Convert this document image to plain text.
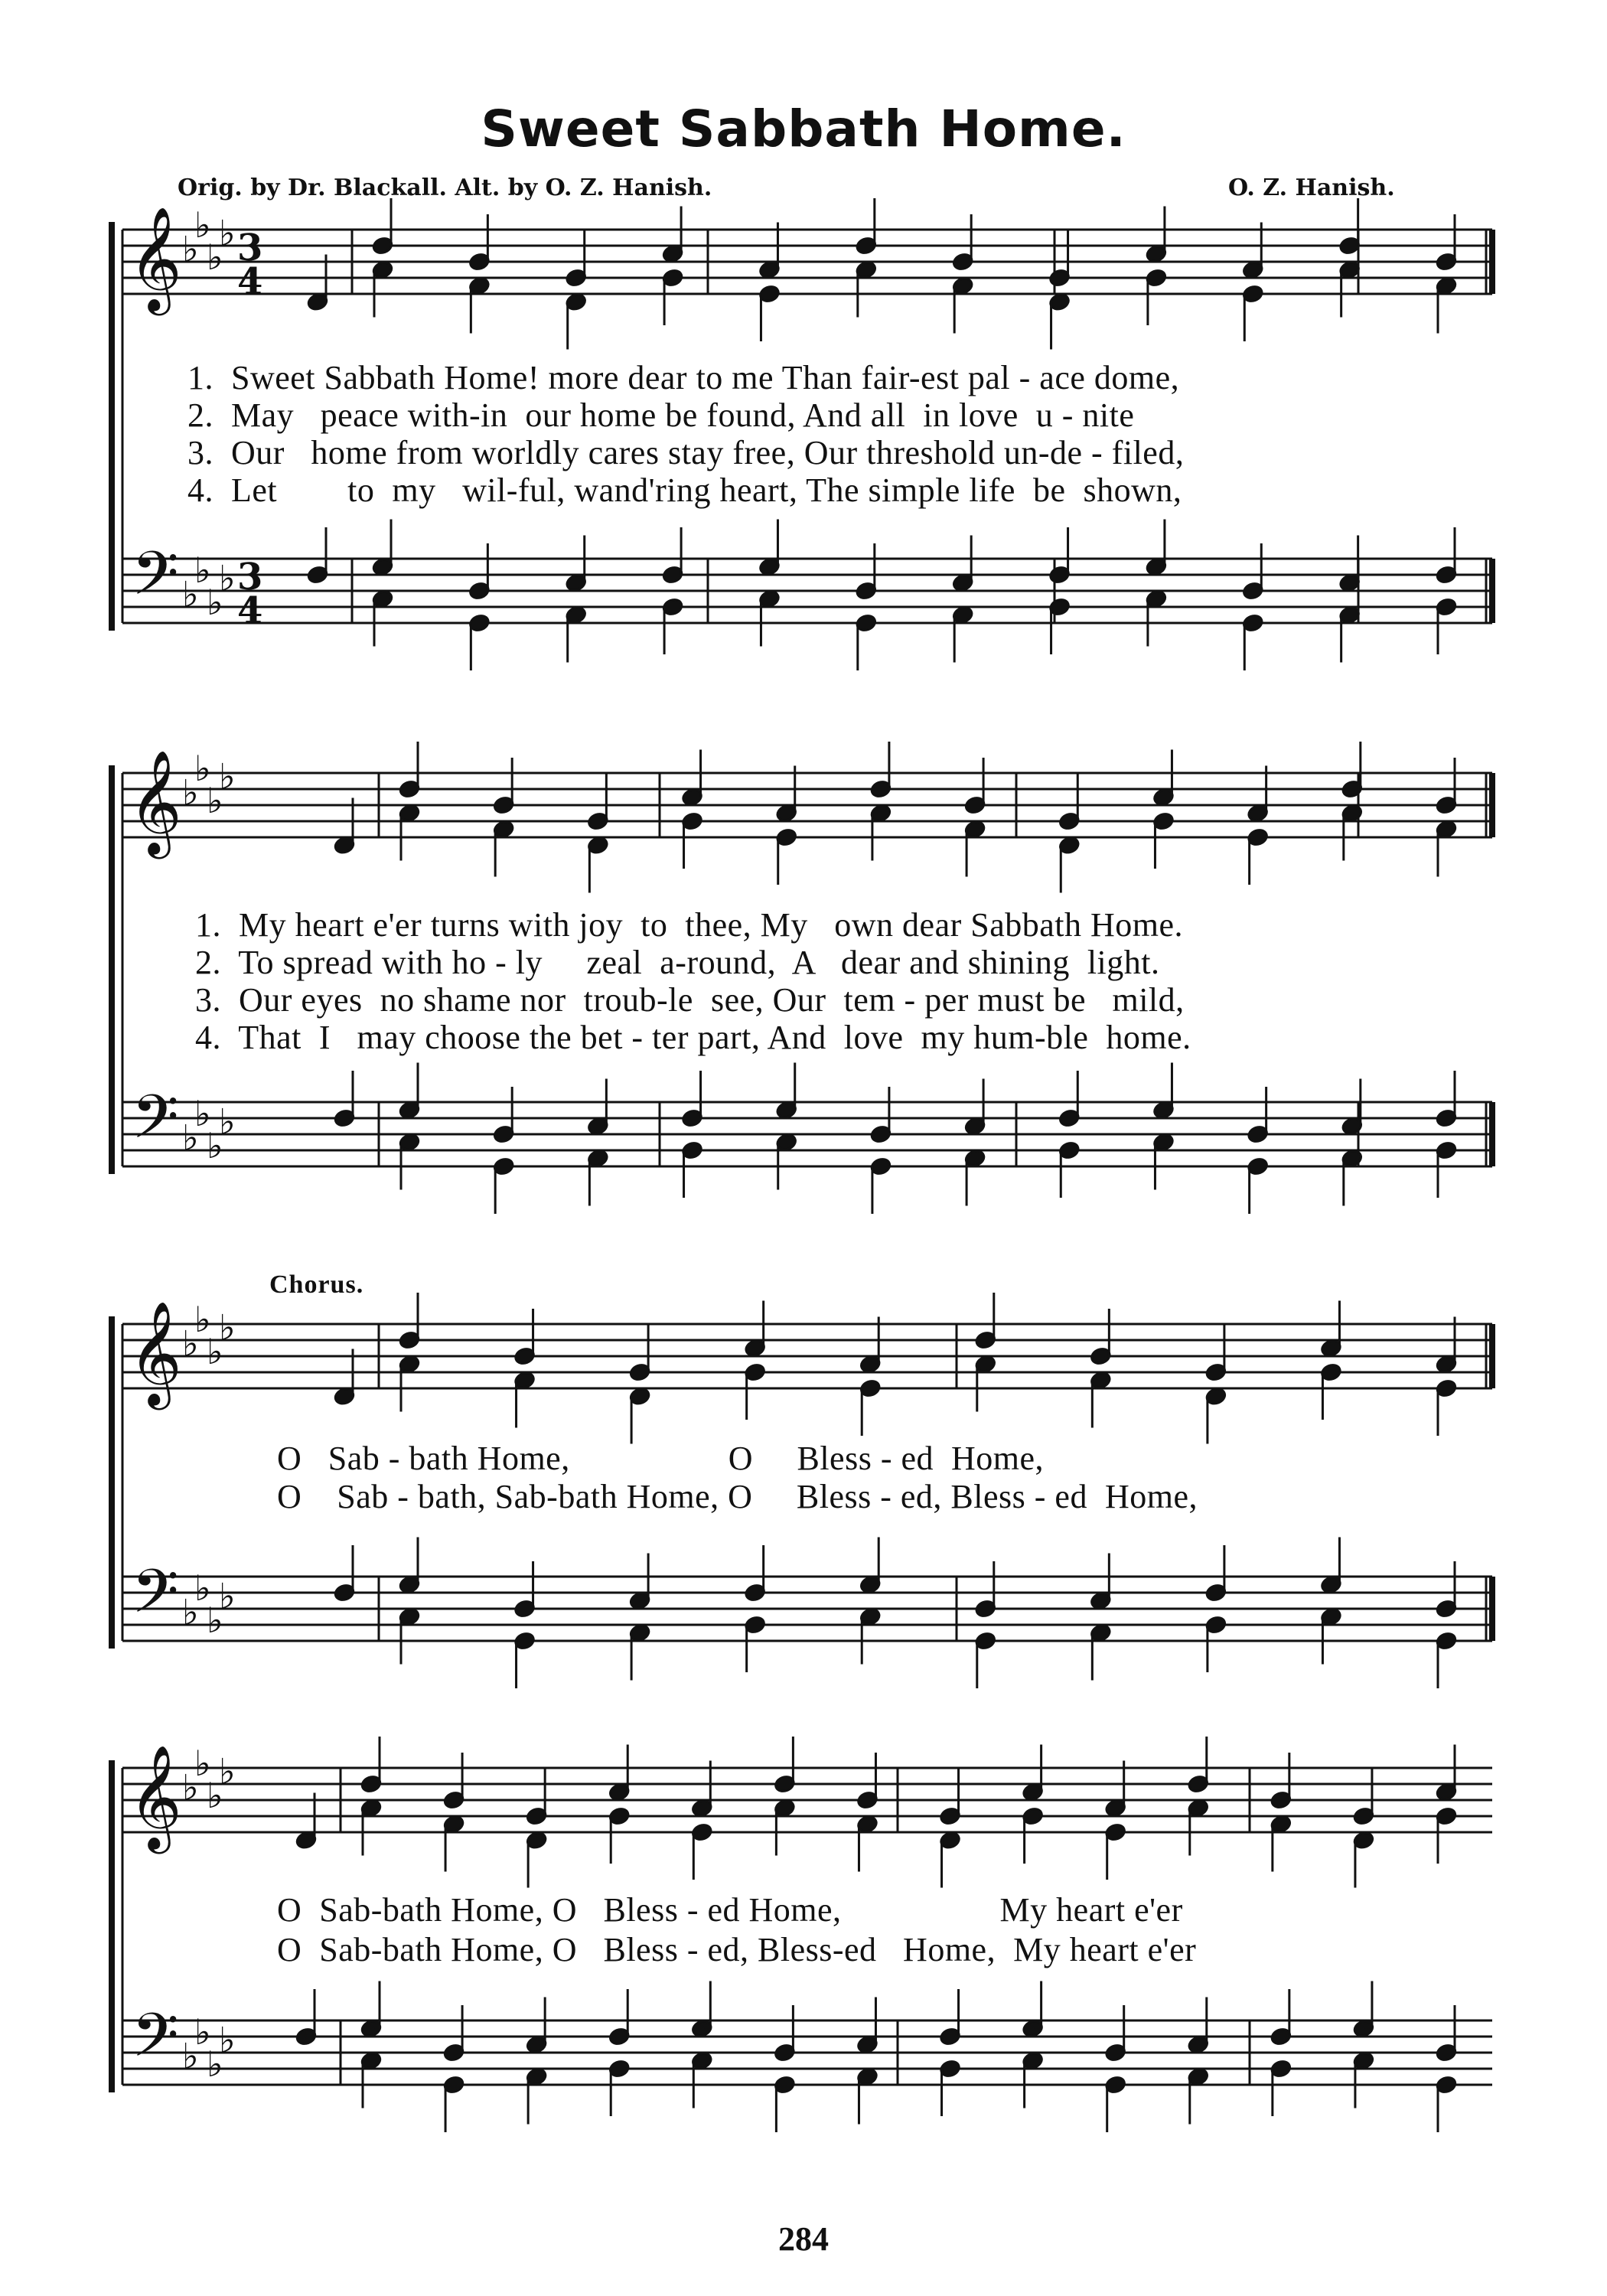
Sweet Sabbath Home.
Orig. by Dr. Blackall. Alt. by O. Z. Hanish.	O. Z. Hanish.
𝄞
𝄢
♭
♭
♭
♭
♭
♭
♭
♭
3
4
3
4
𝄞
𝄢
♭
♭
♭
♭
♭
♭
♭
♭
𝄞
𝄢
♭
♭
♭
♭
♭
♭
♭
♭
𝄞
𝄢
♭
♭
♭
♭
♭
♭
♭
♭
1.  Sweet Sabbath Home! more dear to me Than fair-est pal - ace dome,
2.  May   peace with-in  our home be found, And all  in love  u - nite
3.  Our   home from worldly cares stay free, Our threshold un-de - filed,
4.  Let        to  my   wil-ful, wand'ring heart, The simple life  be  shown,
1.  My heart e'er turns with joy  to  thee, My   own dear Sabbath Home.
2.  To spread with ho - ly     zeal  a-round,  A   dear and shining  light.
3.  Our eyes  no shame nor  troub-le  see, Our  tem - per must be   mild,
4.  That  I   may choose the bet - ter part, And  love  my hum-ble  home.
Chorus.
O   Sab - bath Home,                  O     Bless - ed  Home,
O    Sab - bath, Sab-bath Home, O     Bless - ed, Bless - ed  Home,
O  Sab-bath Home, O   Bless - ed Home,                  My heart e'er
O  Sab-bath Home, O   Bless - ed, Bless-ed   Home,  My heart e'er
284
